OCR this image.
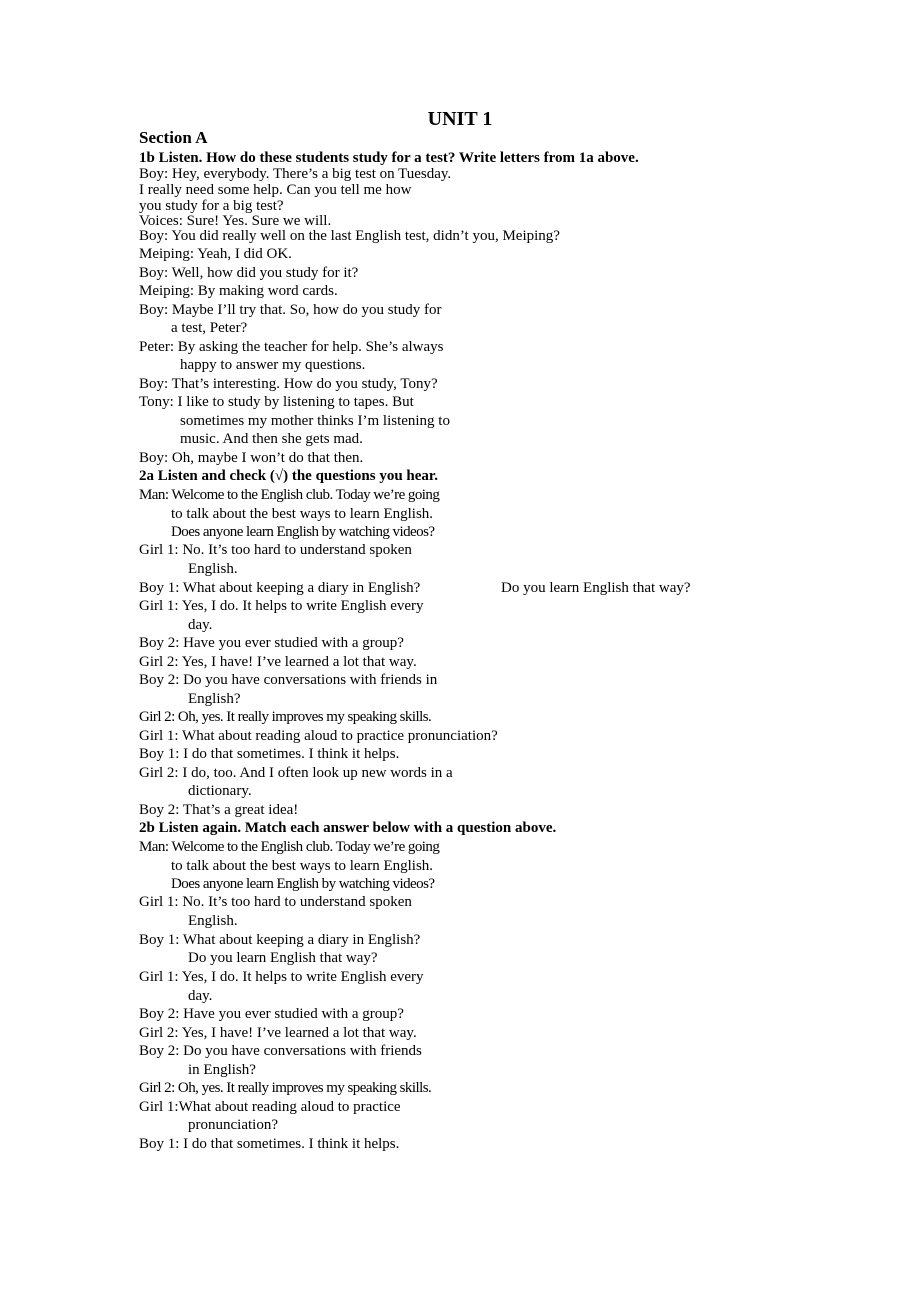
UNIT 1
Section A
1b Listen. How do these students study for a test? Write letters from 1a above.
Boy: Hey, everybody. There’s a big test on Tuesday.
I really need some help. Can you tell me how
you study for a big test?
Voices: Sure! Yes. Sure we will.
Boy: You did really well on the last English test, didn’t you, Meiping?
Meiping: Yeah, I did OK.
Boy: Well, how did you study for it?
Meiping: By making word cards.
Boy: Maybe I’ll try that. So, how do you study for
a test, Peter?
Peter: By asking the teacher for help. She’s always
happy to answer my questions.
Boy: That’s interesting. How do you study, Tony?
Tony: I like to study by listening to tapes. But
sometimes my mother thinks I’m listening to
music. And then she gets mad.
Boy: Oh, maybe I won’t do that then.
2a Listen and check (√) the questions you hear.
Man: Welcome to the English club. Today we’re going
to talk about the best ways to learn English.
Does anyone learn English by watching videos?
Girl 1: No. It’s too hard to understand spoken
English.
Boy 1: What about keeping a diary in English?	Do you learn English that way?
Girl 1: Yes, I do. It helps to write English every
day.
Boy 2: Have you ever studied with a group?
Girl 2: Yes, I have! I’ve learned a lot that way.
Boy 2: Do you have conversations with friends in
English?
Girl 2: Oh, yes. It really improves my speaking skills.
Girl 1: What about reading aloud to practice pronunciation?
Boy 1: I do that sometimes. I think it helps.
Girl 2: I do, too. And I often look up new words in a
dictionary.
Boy 2: That’s a great idea!
2b Listen again. Match each answer below with a question above.
Man: Welcome to the English club. Today we’re going
to talk about the best ways to learn English.
Does anyone learn English by watching videos?
Girl 1: No. It’s too hard to understand spoken
English.
Boy 1: What about keeping a diary in English?
Do you learn English that way?
Girl 1: Yes, I do. It helps to write English every
day.
Boy 2: Have you ever studied with a group?
Girl 2: Yes, I have! I’ve learned a lot that way.
Boy 2: Do you have conversations with friends
in English?
Girl 2: Oh, yes. It really improves my speaking skills.
Girl 1:What about reading aloud to practice
pronunciation?
Boy 1: I do that sometimes. I think it helps.
